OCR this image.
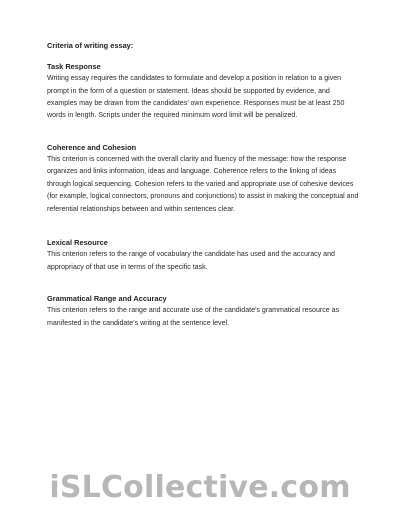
Criteria of writing essay:
Task Response

Writing essay requires the candidates to formulate and develop a position in relation to a given
prompt in the form of a question or statement. Ideas should be supported by evidence, and
examples may be drawn from the candidates’ own experience. Responses must be at least 250
words in length. Scripts under the required minimum word limit will be penalized.

Coherence and Cohesion

This criterion is concerned with the overall clarity and fluency of the message: how the response
organizes and links information, ideas and language. Coherence refers to the linking of ideas
through logical sequencing. Cohesion refers to the varied and appropriate use of cohesive devices
(for example, logical connectors, pronouns and conjunctions) to assist in making the conceptual and
referential relationships between and within sentences clear.

Lexical Resource

This criterion refers to the range of vocabulary the candidate has used and the accuracy and
appropriacy of that use in terms of the specific task.

Grammatical Range and Accuracy

This criterion refers to the range and accurate use of the candidate’s grammatical resource as
manifested in the candidate’s writing at the sentence level.

iSLCollective.com
